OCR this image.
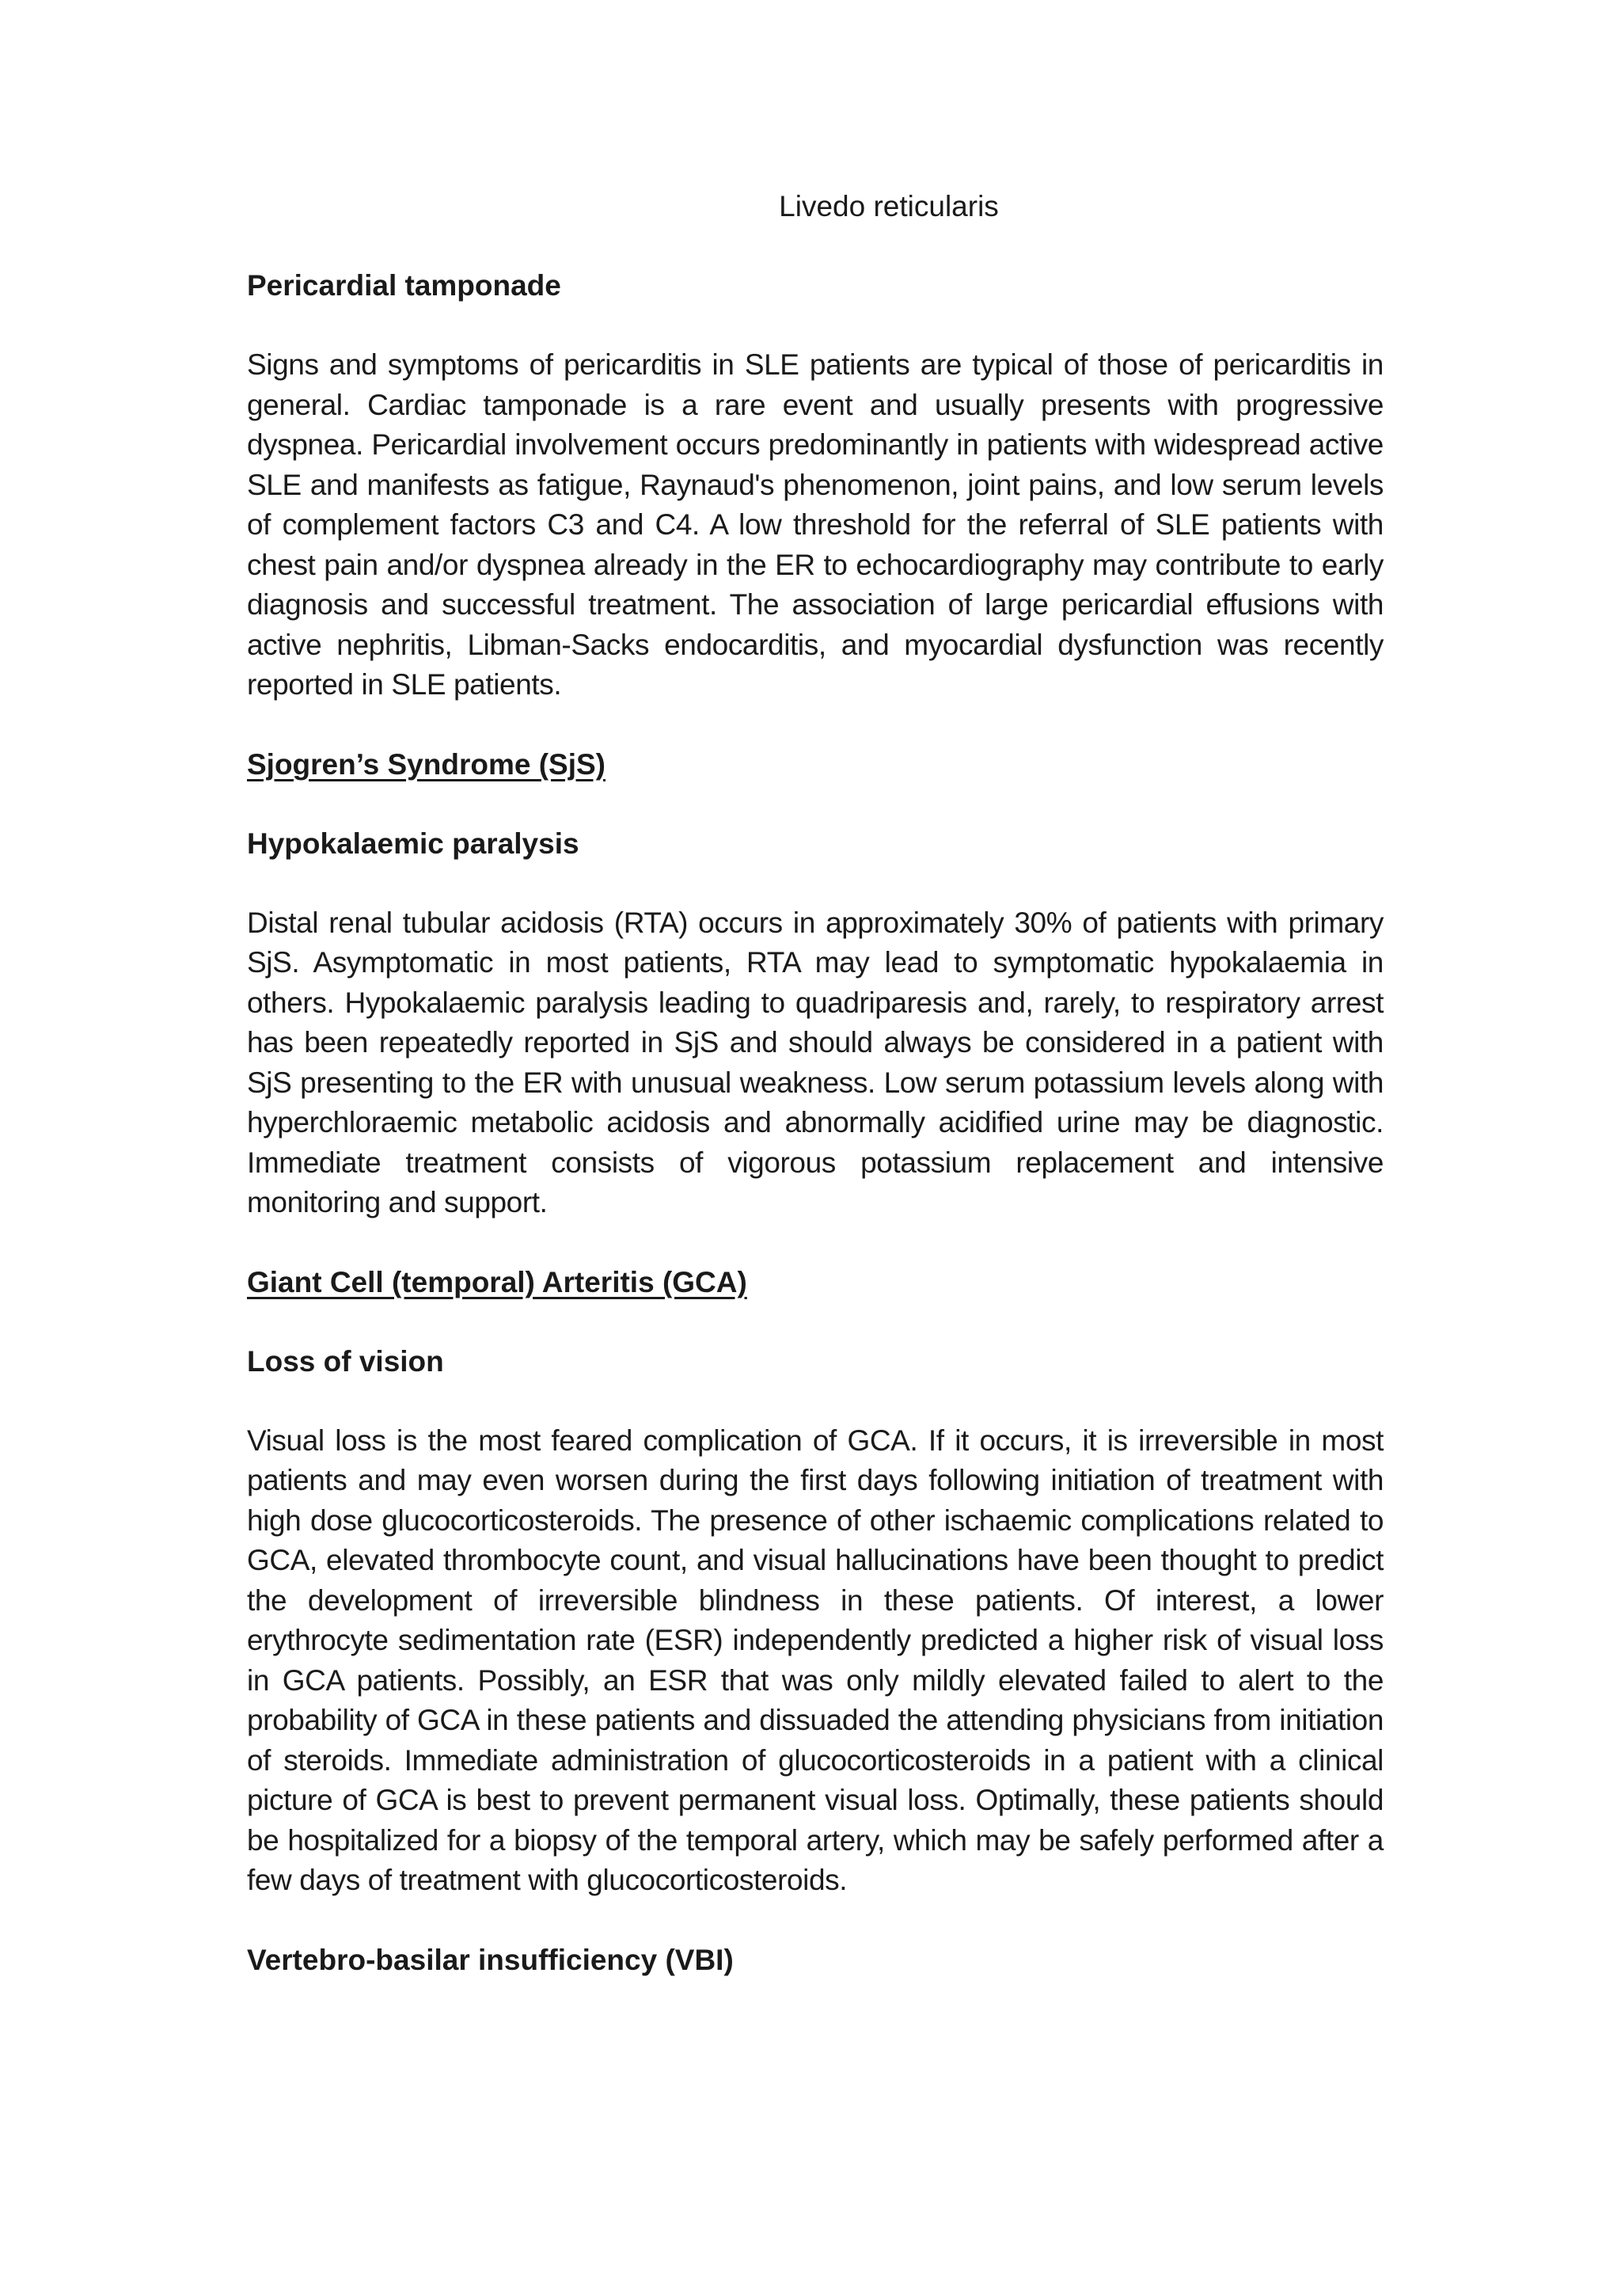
Livedo reticularis
Pericardial tamponade
Signs and symptoms of pericarditis in SLE patients are typical of those of pericarditis in general. Cardiac tamponade is a rare event and usually presents with progressive dyspnea. Pericardial involvement occurs predominantly in patients with widespread active SLE and manifests as fatigue, Raynaud's phenomenon, joint pains, and low serum levels of complement factors C3 and C4. A low threshold for the referral of SLE patients with chest pain and/or dyspnea already in the ER to echocardiography may contribute to early diagnosis and successful treatment. The association of large pericardial effusions with active nephritis, Libman-Sacks endocarditis, and myocardial dysfunction was recently reported in SLE patients.
Sjogren’s Syndrome (SjS)
Hypokalaemic paralysis
Distal renal tubular acidosis (RTA) occurs in approximately 30% of patients with primary SjS. Asymptomatic in most patients, RTA may lead to symptomatic hypokalaemia in others. Hypokalaemic paralysis leading to quadriparesis and, rarely, to respiratory arrest has been repeatedly reported in SjS and should always be considered in a patient with SjS presenting to the ER with unusual weakness. Low serum potassium levels along with hyperchloraemic metabolic acidosis and abnormally acidified urine may be diagnostic. Immediate treatment consists of vigorous potassium replacement and intensive monitoring and support.
Giant Cell (temporal) Arteritis (GCA)
Loss of vision
Visual loss is the most feared complication of GCA. If it occurs, it is irreversible in most patients and may even worsen during the first days following initiation of treatment with high dose glucocorticosteroids. The presence of other ischaemic complications related to GCA, elevated thrombocyte count, and visual hallucinations have been thought to predict the development of irreversible blindness in these patients. Of interest, a lower erythrocyte sedimentation rate (ESR) independently predicted a higher risk of visual loss in GCA patients. Possibly, an ESR that was only mildly elevated failed to alert to the probability of GCA in these patients and dissuaded the attending physicians from initiation of steroids. Immediate administration of glucocorticosteroids in a patient with a clinical picture of GCA is best to prevent permanent visual loss. Optimally, these patients should be hospitalized for a biopsy of the temporal artery, which may be safely performed after a few days of treatment with glucocorticosteroids.
Vertebro-basilar insufficiency (VBI)
